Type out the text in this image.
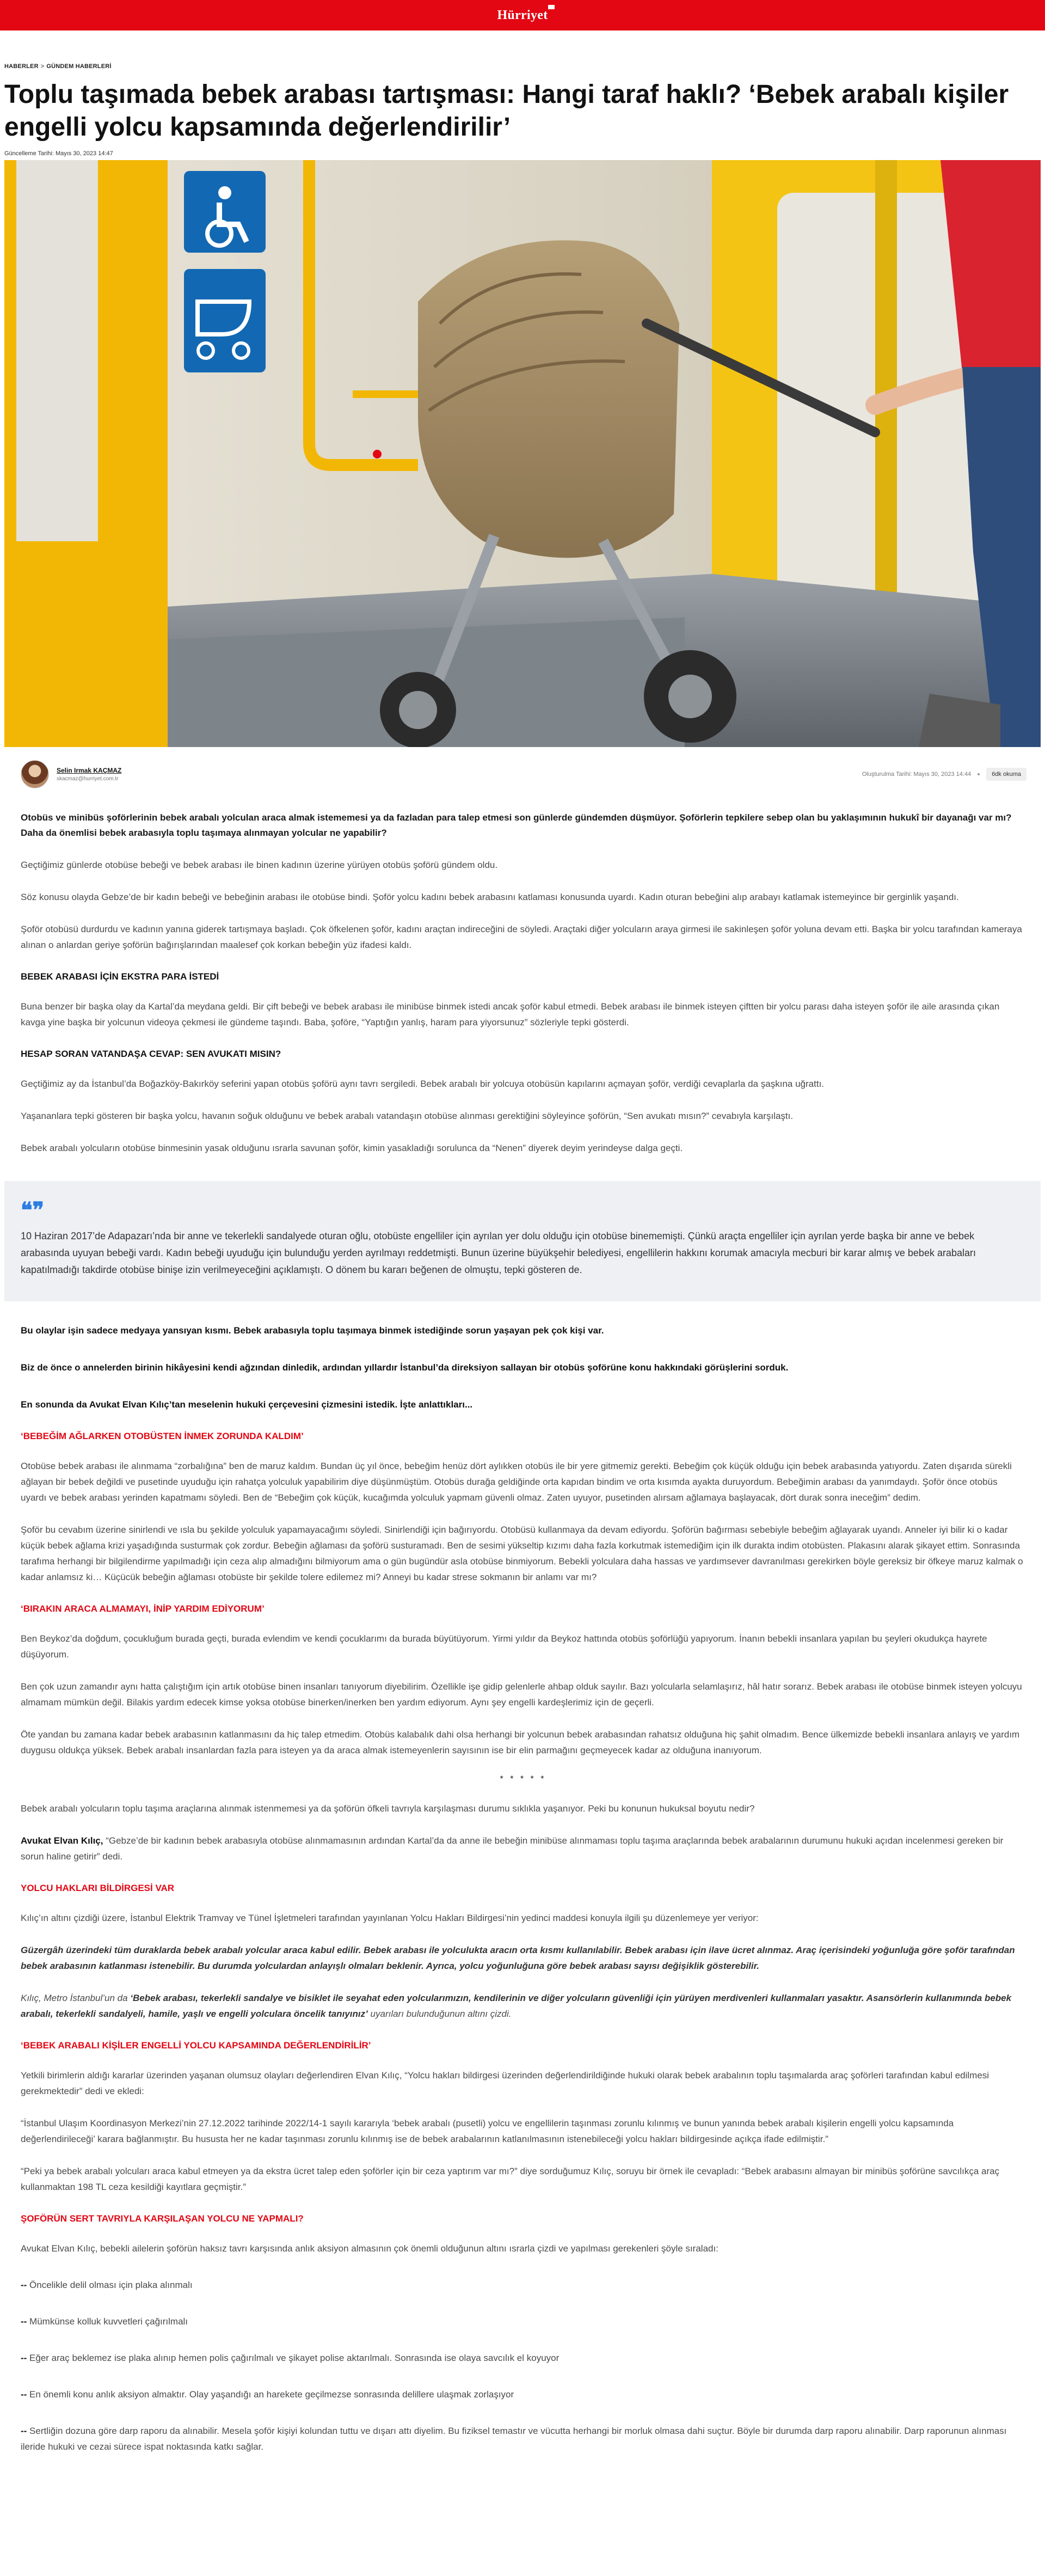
Hürriyet
HABERLER > GÜNDEM HABERLERİ
Toplu taşımada bebek arabası tartışması: Hangi taraf haklı? ‘Bebek arabalı kişiler engelli yolcu kapsamında değerlendirilir’
Güncelleme Tarihi: Mayıs 30, 2023 14:47
Selin Irmak KAÇMAZ
skacmaz@hurriyet.com.tr
Oluşturulma Tarihi: Mayıs 30, 2023 14:44	6dk okuma

Otobüs ve minibüs şoförlerinin bebek arabalı yolculan araca almak istememesi ya da fazladan para talep etmesi son günlerde gündemden düşmüyor. Şoförlerin tepkilere sebep olan bu yaklaşımının hukukî bir dayanağı var mı? Daha da önemlisi bebek arabasıyla toplu taşımaya alınmayan yolcular ne yapabilir?

Geçtiğimiz günlerde otobüse bebeği ve bebek arabası ile binen kadının üzerine yürüyen otobüs şoförü gündem oldu.

Söz konusu olayda Gebze’de bir kadın bebeği ve bebeğinin arabası ile otobüse bindi. Şoför yolcu kadını bebek arabasını katlaması konusunda uyardı. Kadın oturan bebeğini alıp arabayı katlamak istemeyince bir gerginlik yaşandı.

Şoför otobüsü durdurdu ve kadının yanına giderek tartışmaya başladı. Çok öfkelenen şoför, kadını araçtan indireceğini de söyledi. Araçtaki diğer yolcuların araya girmesi ile sakinleşen şoför yoluna devam etti. Başka bir yolcu tarafından kameraya alınan o anlardan geriye şoförün bağırışlarından maalesef çok korkan bebeğin yüz ifadesi kaldı.

BEBEK ARABASI İÇİN EKSTRA PARA İSTEDİ

Buna benzer bir başka olay da Kartal’da meydana geldi. Bir çift bebeği ve bebek arabası ile minibüse binmek istedi ancak şoför kabul etmedi. Bebek arabası ile binmek isteyen çiftten bir yolcu parası daha isteyen şoför ile aile arasında çıkan kavga yine başka bir yolcunun videoya çekmesi ile gündeme taşındı. Baba, şoföre, “Yaptığın yanlış, haram para yiyorsunuz” sözleriyle tepki gösterdi.

HESAP SORAN VATANDAŞA CEVAP: SEN AVUKATI MISIN?

Geçtiğimiz ay da İstanbul’da Boğazköy-Bakırköy seferini yapan otobüs şoförü aynı tavrı sergiledi. Bebek arabalı bir yolcuya otobüsün kapılarını açmayan şoför, verdiği cevaplarla da şaşkına uğrattı.

Yaşananlara tepki gösteren bir başka yolcu, havanın soğuk olduğunu ve bebek arabalı vatandaşın otobüse alınması gerektiğini söyleyince şoförün, “Sen avukatı mısın?” cevabıyla karşılaştı.

Bebek arabalı yolcuların otobüse binmesinin yasak olduğunu ısrarla savunan şoför, kimin yasakladığı sorulunca da “Nenen” diyerek deyim yerindeyse dalga geçti.

❝❞

10 Haziran 2017’de Adapazarı’nda bir anne ve tekerlekli sandalyede oturan oğlu, otobüste engelliler için ayrılan yer dolu olduğu için otobüse binememişti. Çünkü araçta engelliler için ayrılan yerde başka bir anne ve bebek arabasında uyuyan bebeği vardı. Kadın bebeği uyuduğu için bulunduğu yerden ayrılmayı reddetmişti. Bunun üzerine büyükşehir belediyesi, engellilerin hakkını korumak amacıyla mecburi bir karar almış ve bebek arabaları kapatılmadığı takdirde otobüse binişe izin verilmeyeceğini açıklamıştı. O dönem bu kararı beğenen de olmuştu, tepki gösteren de.

Bu olaylar işin sadece medyaya yansıyan kısmı. Bebek arabasıyla toplu taşımaya binmek istediğinde sorun yaşayan pek çok kişi var.

Biz de önce o annelerden birinin hikâyesini kendi ağzından dinledik, ardından yıllardır İstanbul’da direksiyon sallayan bir otobüs şoförüne konu hakkındaki görüşlerini sorduk.

En sonunda da Avukat Elvan Kılıç’tan meselenin hukuki çerçevesini çizmesini istedik. İşte anlattıkları...

‘BEBEĞİM AĞLARKEN OTOBÜSTEN İNMEK ZORUNDA KALDIM’

Otobüse bebek arabası ile alınmama “zorbalığına” ben de maruz kaldım. Bundan üç yıl önce, bebeğim henüz dört aylıkken otobüs ile bir yere gitmemiz gerekti. Bebeğim çok küçük olduğu için bebek arabasında yatıyordu. Zaten dışarıda sürekli ağlayan bir bebek değildi ve pusetinde uyuduğu için rahatça yolculuk yapabilirim diye düşünmüştüm. Otobüs durağa geldiğinde orta kapıdan bindim ve orta kısımda ayakta duruyordum. Bebeğimin arabası da yanımdaydı. Şoför önce otobüs uyardı ve bebek arabası yerinden kapatmamı söyledi. Ben de “Bebeğim çok küçük, kucağımda yolculuk yapmam güvenli olmaz. Zaten uyuyor, pusetinden alırsam ağlamaya başlayacak, dört durak sonra ineceğim” dedim.

Şoför bu cevabım üzerine sinirlendi ve ısla bu şekilde yolculuk yapamayacağımı söyledi. Sinirlendiği için bağırıyordu. Otobüsü kullanmaya da devam ediyordu. Şoförün bağırması sebebiyle bebeğim ağlayarak uyandı. Anneler iyi bilir ki o kadar küçük bebek ağlama krizi yaşadığında susturmak çok zordur. Bebeğin ağlaması da şoförü susturamadı. Ben de sesimi yükseltip kızımı daha fazla korkutmak istemediğim için ilk durakta indim otobüsten. Plakasını alarak şikayet ettim. Sonrasında tarafıma herhangi bir bilgilendirme yapılmadığı için ceza alıp almadığını bilmiyorum ama o gün bugündür asla otobüse binmiyorum. Bebekli yolculara daha hassas ve yardımsever davranılması gerekirken böyle gereksiz bir öfkeye maruz kalmak o kadar anlamsız ki… Küçücük bebeğin ağlaması otobüste bir şekilde tolere edilemez mi? Anneyi bu kadar strese sokmanın bir anlamı var mı?

‘BIRAKIN ARACA ALMAMAYI, İNİP YARDIM EDİYORUM’

Ben Beykoz’da doğdum, çocukluğum burada geçti, burada evlendim ve kendi çocuklarımı da burada büyütüyorum. Yirmi yıldır da Beykoz hattında otobüs şoförlüğü yapıyorum. İnanın bebekli insanlara yapılan bu şeyleri okudukça hayrete düşüyorum.

Ben çok uzun zamandır aynı hatta çalıştığım için artık otobüse binen insanları tanıyorum diyebilirim. Özellikle işe gidip gelenlerle ahbap olduk sayılır. Bazı yolcularla selamlaşırız, hâl hatır sorarız. Bebek arabası ile otobüse binmek isteyen yolcuyu almamam mümkün değil. Bilakis yardım edecek kimse yoksa otobüse binerken/inerken ben yardım ediyorum. Aynı şey engelli kardeşlerimiz için de geçerli.

Öte yandan bu zamana kadar bebek arabasının katlanmasını da hiç talep etmedim. Otobüs kalabalık dahi olsa herhangi bir yolcunun bebek arabasından rahatsız olduğuna hiç şahit olmadım. Bence ülkemizde bebekli insanlara anlayış ve yardım duygusu oldukça yüksek. Bebek arabalı insanlardan fazla para isteyen ya da araca almak istemeyenlerin sayısının ise bir elin parmağını geçmeyecek kadar az olduğuna inanıyorum.

* * * * *

Bebek arabalı yolcuların toplu taşıma araçlarına alınmak istenmemesi ya da şoförün öfkeli tavrıyla karşılaşması durumu sıklıkla yaşanıyor. Peki bu konunun hukuksal boyutu nedir?

Avukat Elvan Kılıç, “Gebze’de bir kadının bebek arabasıyla otobüse alınmamasının ardından Kartal’da da anne ile bebeğin minibüse alınmaması toplu taşıma araçlarında bebek arabalarının durumunu hukuki açıdan incelenmesi gereken bir sorun haline getirir” dedi.

YOLCU HAKLARI BİLDİRGESİ VAR

Kılıç’ın altını çizdiği üzere, İstanbul Elektrik Tramvay ve Tünel İşletmeleri tarafından yayınlanan Yolcu Hakları Bildirgesi’nin yedinci maddesi konuyla ilgili şu düzenlemeye yer veriyor:

Güzergâh üzerindeki tüm duraklarda bebek arabalı yolcular araca kabul edilir. Bebek arabası ile yolculukta aracın orta kısmı kullanılabilir. Bebek arabası için ilave ücret alınmaz. Araç içerisindeki yoğunluğa göre şoför tarafından bebek arabasının katlanması istenebilir. Bu durumda yolculardan anlayışlı olmaları beklenir. Ayrıca, yolcu yoğunluğuna göre bebek arabası sayısı değişiklik gösterebilir.

Kılıç, Metro İstanbul’un da ‘Bebek arabası, tekerlekli sandalye ve bisiklet ile seyahat eden yolcularımızın, kendilerinin ve diğer yolcuların güvenliği için yürüyen merdivenleri kullanmaları yasaktır. Asansörlerin kullanımında bebek arabalı, tekerlekli sandalyeli, hamile, yaşlı ve engelli yolculara öncelik tanıyınız’ uyarıları bulunduğunun altını çizdi.

‘BEBEK ARABALI KİŞİLER ENGELLİ YOLCU KAPSAMINDA DEĞERLENDİRİLİR’

Yetkili birimlerin aldığı kararlar üzerinden yaşanan olumsuz olayları değerlendiren Elvan Kılıç, “Yolcu hakları bildirgesi üzerinden değerlendirildiğinde hukuki olarak bebek arabalının toplu taşımalarda araç şoförleri tarafından kabul edilmesi gerekmektedir” dedi ve ekledi:

“İstanbul Ulaşım Koordinasyon Merkezi’nin 27.12.2022 tarihinde 2022/14-1 sayılı kararıyla ‘bebek arabalı (pusetli) yolcu ve engellilerin taşınması zorunlu kılınmış ve bunun yanında bebek arabalı kişilerin engelli yolcu kapsamında değerlendirileceği’ karara bağlanmıştır. Bu hususta her ne kadar taşınması zorunlu kılınmış ise de bebek arabalarının katlanılmasının istenebileceği yolcu hakları bildirgesinde açıkça ifade edilmiştir.”

“Peki ya bebek arabalı yolcuları araca kabul etmeyen ya da ekstra ücret talep eden şoförler için bir ceza yaptırım var mı?” diye sorduğumuz Kılıç, soruyu bir örnek ile cevapladı: “Bebek arabasını almayan bir minibüs şoförüne savcılıkça araç kullanmaktan 198 TL ceza kesildiği kayıtlara geçmiştir.”

ŞOFÖRÜN SERT TAVRIYLA KARŞILAŞAN YOLCU NE YAPMALI?

Avukat Elvan Kılıç, bebekli ailelerin şoförün haksız tavrı karşısında anlık aksiyon almasının çok önemli olduğunun altını ısrarla çizdi ve yapılması gerekenleri şöyle sıraladı:

-- Öncelikle delil olması için plaka alınmalı

-- Mümkünse kolluk kuvvetleri çağırılmalı

-- Eğer araç beklemez ise plaka alınıp hemen polis çağırılmalı ve şikayet polise aktarılmalı. Sonrasında ise olaya savcılık el koyuyor

-- En önemli konu anlık aksiyon almaktır. Olay yaşandığı an harekete geçilmezse sonrasında delillere ulaşmak zorlaşıyor

-- Sertliğin dozuna göre darp raporu da alınabilir. Mesela şoför kişiyi kolundan tuttu ve dışarı attı diyelim. Bu fiziksel temastır ve vücutta herhangi bir morluk olmasa dahi suçtur. Böyle bir durumda darp raporu alınabilir. Darp raporunun alınması ileride hukuki ve cezai sürece ispat noktasında katkı sağlar.
